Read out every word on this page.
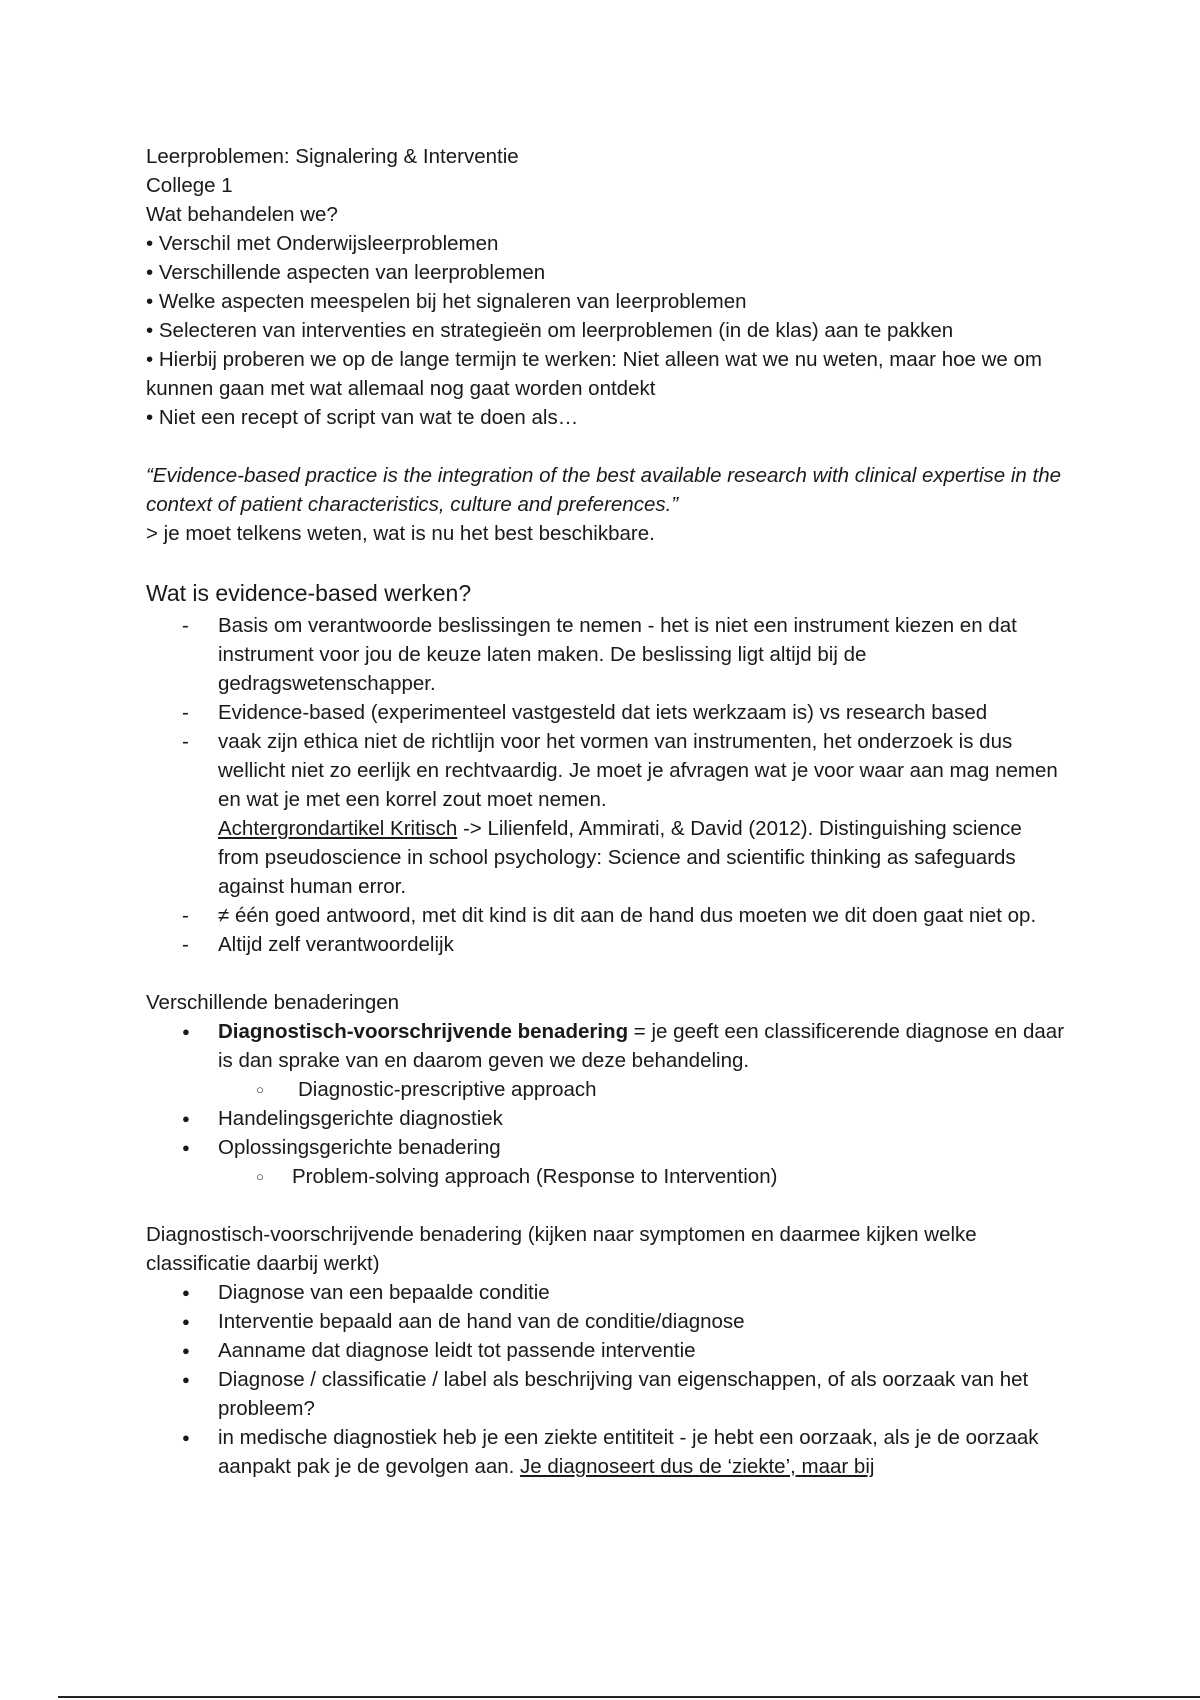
Leerproblemen: Signalering & Interventie

College 1

Wat behandelen we?

• Verschil met Onderwijsleerproblemen

• Verschillende aspecten van leerproblemen

• Welke aspecten meespelen bij het signaleren van leerproblemen

• Selecteren van interventies en strategieën om leerproblemen (in de klas) aan te pakken

• Hierbij proberen we op de lange termijn te werken: Niet alleen wat we nu weten, maar hoe we om kunnen gaan met wat allemaal nog gaat worden ontdekt

• Niet een recept of script van wat te doen als…

“Evidence-based practice is the integration of the best available research with clinical expertise in the context of patient characteristics, culture and preferences.”

> je moet telkens weten, wat is nu het best beschikbare.

Wat is evidence-based werken?

- Basis om verantwoorde beslissingen te nemen - het is niet een instrument kiezen en dat instrument voor jou de keuze laten maken. De beslissing ligt altijd bij de gedragswetenschapper.
- Evidence-based (experimenteel vastgesteld dat iets werkzaam is) vs research based
- vaak zijn ethica niet de richtlijn voor het vormen van instrumenten, het onderzoek is dus wellicht niet zo eerlijk en rechtvaardig. Je moet je afvragen wat je voor waar aan mag nemen en wat je met een korrel zout moet nemen.
Achtergrondartikel Kritisch -> Lilienfeld, Ammirati, & David (2012). Distinguishing science from pseudoscience in school psychology: Science and scientific thinking as safeguards against human error.
- ≠ één goed antwoord, met dit kind is dit aan de hand dus moeten we dit doen gaat niet op.
- Altijd zelf verantwoordelijk

Verschillende benaderingen

● Diagnostisch-voorschrijvende benadering = je geeft een classificerende diagnose en daar is dan sprake van en daarom geven we deze behandeling.
○ Diagnostic-prescriptive approach
● Handelingsgerichte diagnostiek
● Oplossingsgerichte benadering
○ Problem-solving approach (Response to Intervention)

Diagnostisch-voorschrijvende benadering (kijken naar symptomen en daarmee kijken welke classificatie daarbij werkt)

● Diagnose van een bepaalde conditie
● Interventie bepaald aan de hand van de conditie/diagnose
● Aanname dat diagnose leidt tot passende interventie
● Diagnose / classificatie / label als beschrijving van eigenschappen, of als oorzaak van het probleem?
● in medische diagnostiek heb je een ziekte entititeit - je hebt een oorzaak, als je de oorzaak aanpakt pak je de gevolgen aan. Je diagnoseert dus de ‘ziekte’, maar bij
